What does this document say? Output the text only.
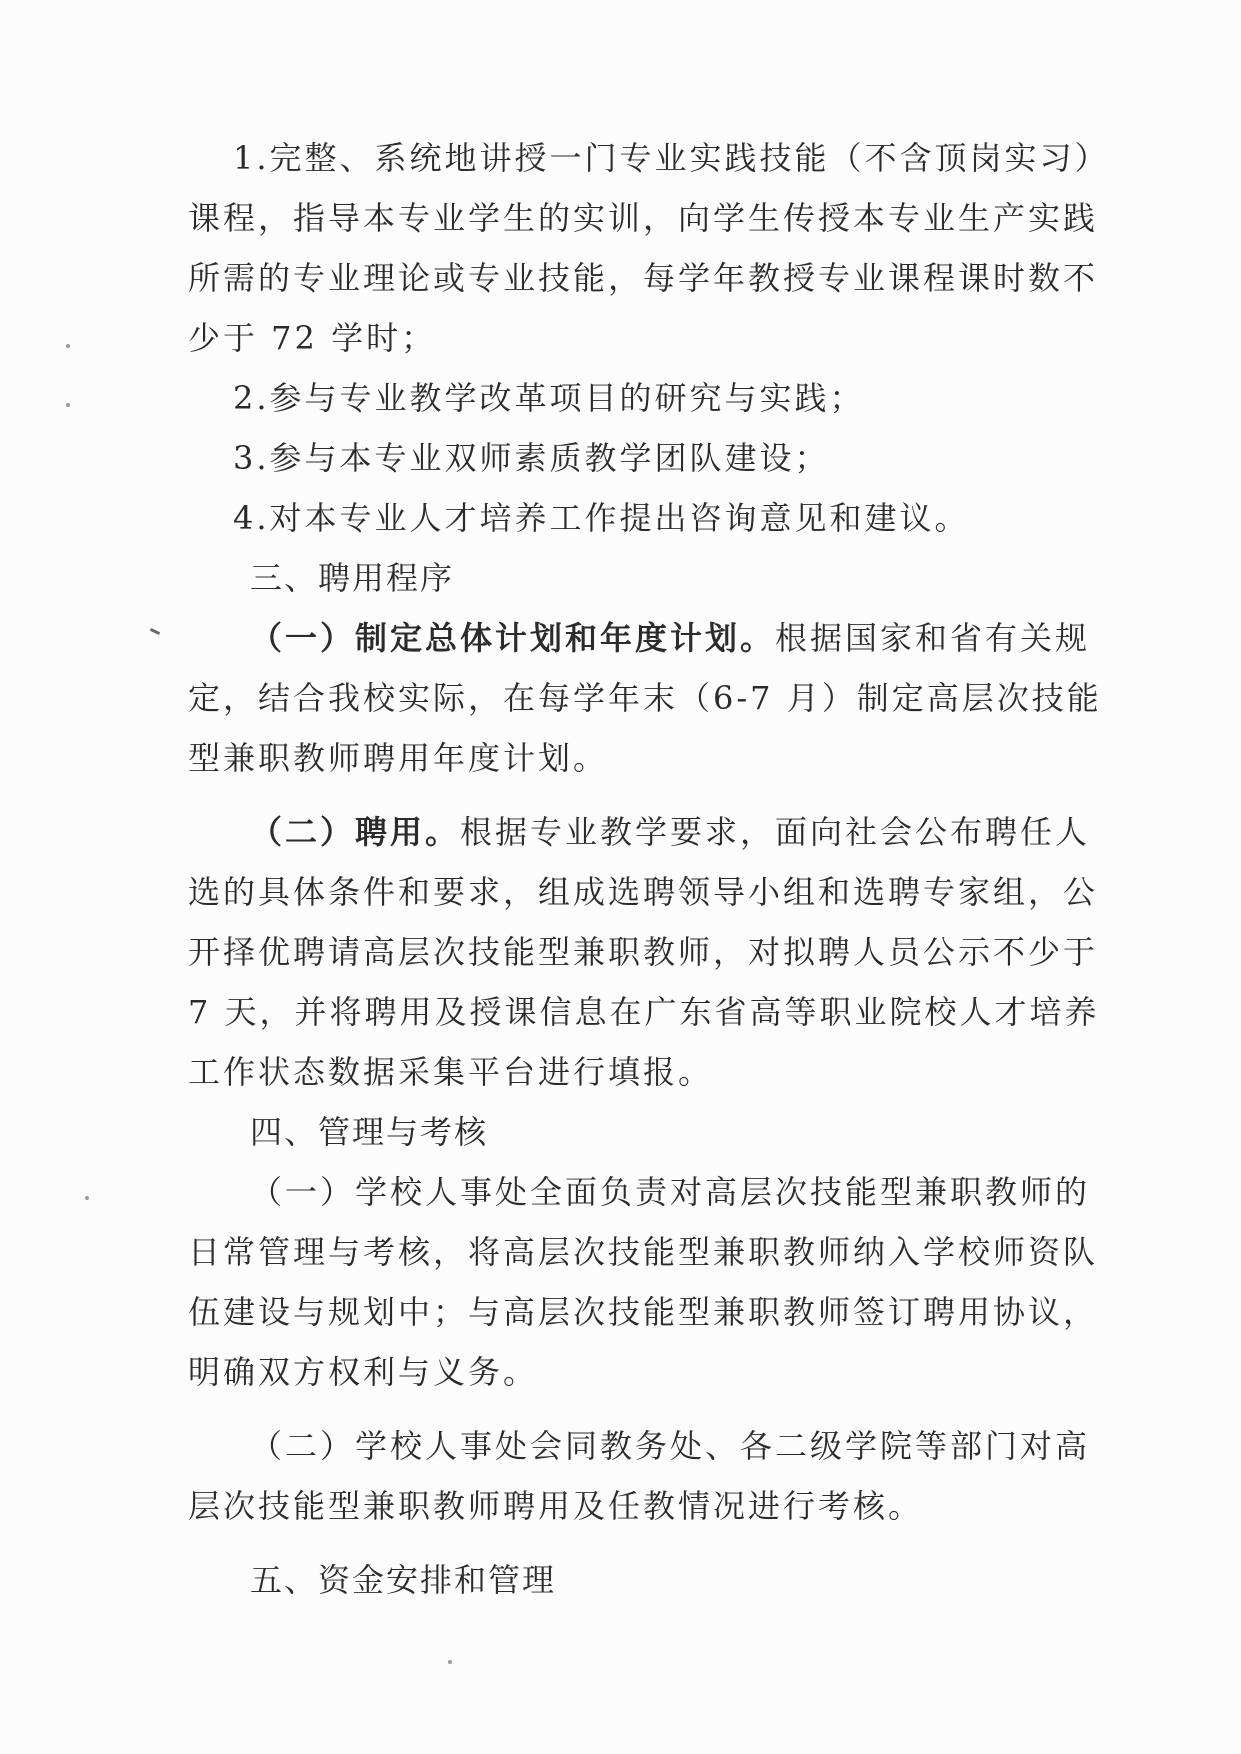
1.完整、系统地讲授一门专业实践技能（不含顶岗实习）
课程，指导本专业学生的实训，向学生传授本专业生产实践
所需的专业理论或专业技能，每学年教授专业课程课时数不
少于 72 学时；
2.参与专业教学改革项目的研究与实践；
3.参与本专业双师素质教学团队建设；
4.对本专业人才培养工作提出咨询意见和建议。
三、聘用程序
（一）制定总体计划和年度计划。根据国家和省有关规
定，结合我校实际，在每学年末（6-7 月）制定高层次技能
型兼职教师聘用年度计划。
（二）聘用。根据专业教学要求，面向社会公布聘任人
选的具体条件和要求，组成选聘领导小组和选聘专家组，公
开择优聘请高层次技能型兼职教师，对拟聘人员公示不少于
7 天，并将聘用及授课信息在广东省高等职业院校人才培养
工作状态数据采集平台进行填报。
四、管理与考核
（一）学校人事处全面负责对高层次技能型兼职教师的
日常管理与考核，将高层次技能型兼职教师纳入学校师资队
伍建设与规划中；与高层次技能型兼职教师签订聘用协议，
明确双方权利与义务。
（二）学校人事处会同教务处、各二级学院等部门对高
层次技能型兼职教师聘用及任教情况进行考核。
五、资金安排和管理
